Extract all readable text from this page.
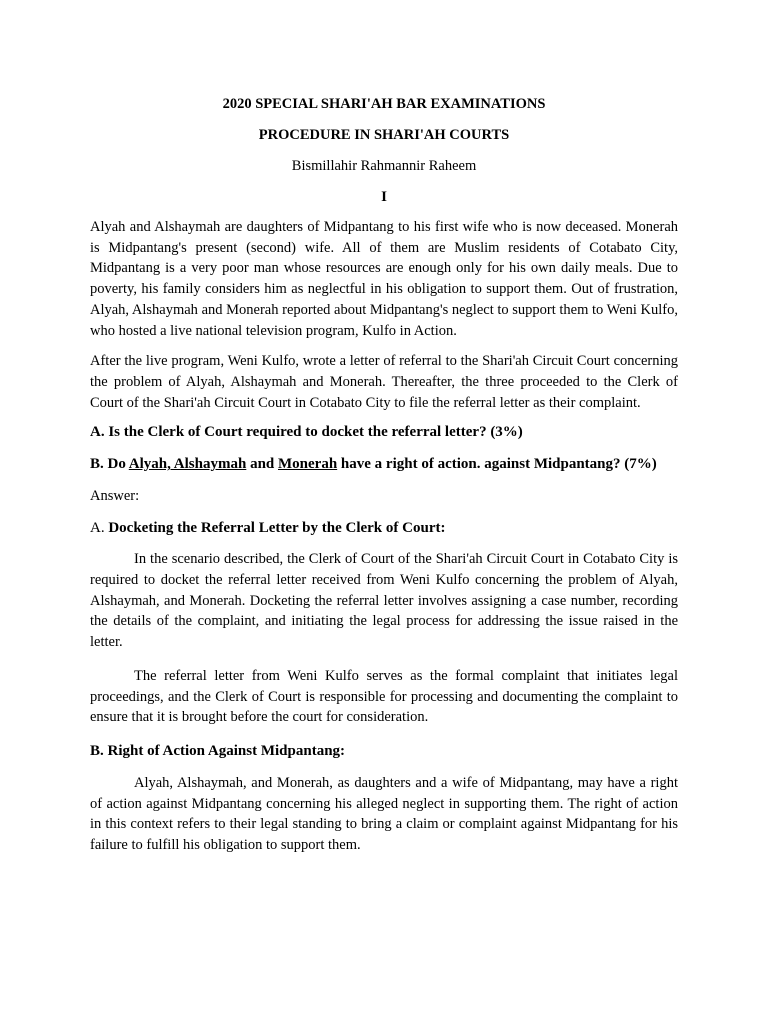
2020 SPECIAL SHARI'AH BAR EXAMINATIONS
PROCEDURE IN SHARI'AH COURTS
Bismillahir Rahmannir Raheem
I

Alyah and Alshaymah are daughters of Midpantang to his first wife who is now deceased. Monerah is Midpantang's present (second) wife. All of them are Muslim residents of Cotabato City, Midpantang is a very poor man whose resources are enough only for his own daily meals. Due to poverty, his family considers him as neglectful in his obligation to support them. Out of frustration, Alyah, Alshaymah and Monerah reported about Midpantang's neglect to support them to Weni Kulfo, who hosted a live national television program, Kulfo in Action.

After the live program, Weni Kulfo, wrote a letter of referral to the Shari'ah Circuit Court concerning the problem of Alyah, Alshaymah and Monerah. Thereafter, the three proceeded to the Clerk of Court of the Shari'ah Circuit Court in Cotabato City to file the referral letter as their complaint.

A. Is the Clerk of Court required to docket the referral letter? (3%)
B. Do Alyah, Alshaymah and Monerah have a right of action. against Midpantang? (7%)
Answer:
A. Docketing the Referral Letter by the Clerk of Court:

In the scenario described, the Clerk of Court of the Shari'ah Circuit Court in Cotabato City is required to docket the referral letter received from Weni Kulfo concerning the problem of Alyah, Alshaymah, and Monerah. Docketing the referral letter involves assigning a case number, recording the details of the complaint, and initiating the legal process for addressing the issue raised in the letter.

The referral letter from Weni Kulfo serves as the formal complaint that initiates legal proceedings, and the Clerk of Court is responsible for processing and documenting the complaint to ensure that it is brought before the court for consideration.

B. Right of Action Against Midpantang:

Alyah, Alshaymah, and Monerah, as daughters and a wife of Midpantang, may have a right of action against Midpantang concerning his alleged neglect in supporting them. The right of action in this context refers to their legal standing to bring a claim or complaint against Midpantang for his failure to fulfill his obligation to support them.
